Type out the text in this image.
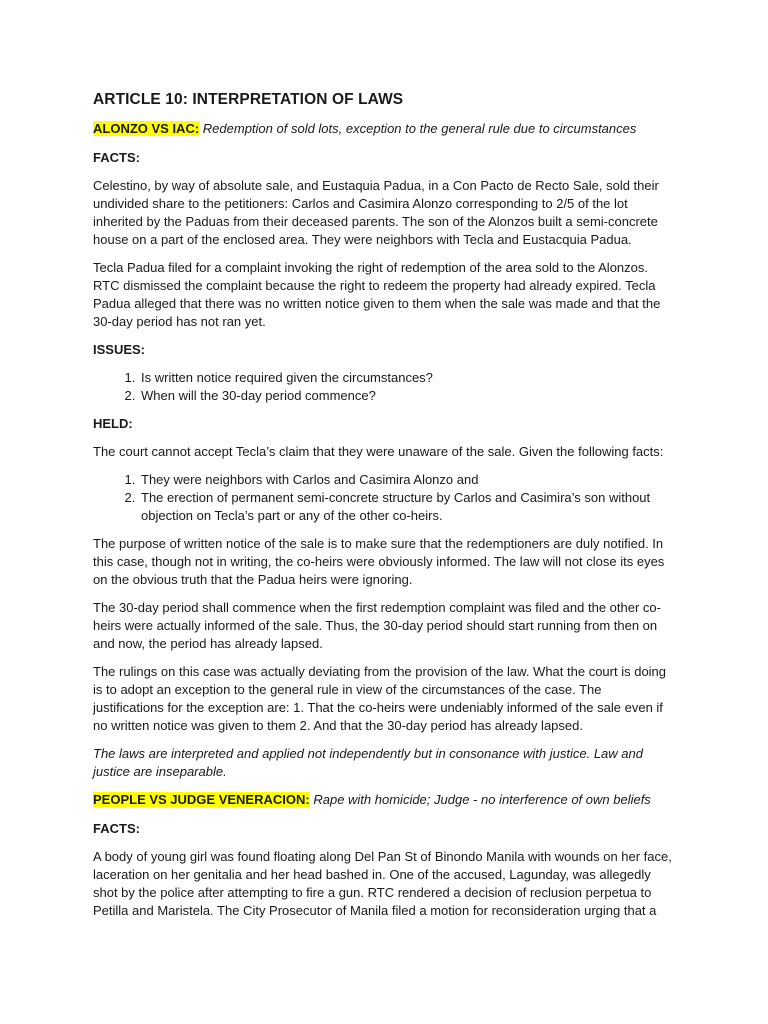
ARTICLE 10: INTERPRETATION OF LAWS

ALONZO VS IAC: Redemption of sold lots, exception to the general rule due to circumstances

FACTS:

Celestino, by way of absolute sale, and Eustaquia Padua, in a Con Pacto de Recto Sale, sold their undivided share to the petitioners: Carlos and Casimira Alonzo corresponding to 2/5 of the lot inherited by the Paduas from their deceased parents. The son of the Alonzos built a semi-concrete house on a part of the enclosed area. They were neighbors with Tecla and Eustacquia Padua.

Tecla Padua filed for a complaint invoking the right of redemption of the area sold to the Alonzos. RTC dismissed the complaint because the right to redeem the property had already expired. Tecla Padua alleged that there was no written notice given to them when the sale was made and that the 30-day period has not ran yet.

ISSUES:

1. Is written notice required given the circumstances?
2. When will the 30-day period commence?

HELD:

The court cannot accept Tecla’s claim that they were unaware of the sale. Given the following facts:

1. They were neighbors with Carlos and Casimira Alonzo and
2. The erection of permanent semi-concrete structure by Carlos and Casimira’s son without objection on Tecla’s part or any of the other co-heirs.

The purpose of written notice of the sale is to make sure that the redemptioners are duly notified. In this case, though not in writing, the co-heirs were obviously informed. The law will not close its eyes on the obvious truth that the Padua heirs were ignoring.

The 30-day period shall commence when the first redemption complaint was filed and the other co-heirs were actually informed of the sale. Thus, the 30-day period should start running from then on and now, the period has already lapsed.

The rulings on this case was actually deviating from the provision of the law. What the court is doing is to adopt an exception to the general rule in view of the circumstances of the case. The justifications for the exception are: 1. That the co-heirs were undeniably informed of the sale even if no written notice was given to them 2. And that the 30-day period has already lapsed.

The laws are interpreted and applied not independently but in consonance with justice. Law and justice are inseparable.

PEOPLE VS JUDGE VENERACION: Rape with homicide; Judge - no interference of own beliefs

FACTS:

A body of young girl was found floating along Del Pan St of Binondo Manila with wounds on her face, laceration on her genitalia and her head bashed in. One of the accused, Lagunday, was allegedly shot by the police after attempting to fire a gun. RTC rendered a decision of reclusion perpetua to Petilla and Maristela. The City Prosecutor of Manila filed a motion for reconsideration urging that a
